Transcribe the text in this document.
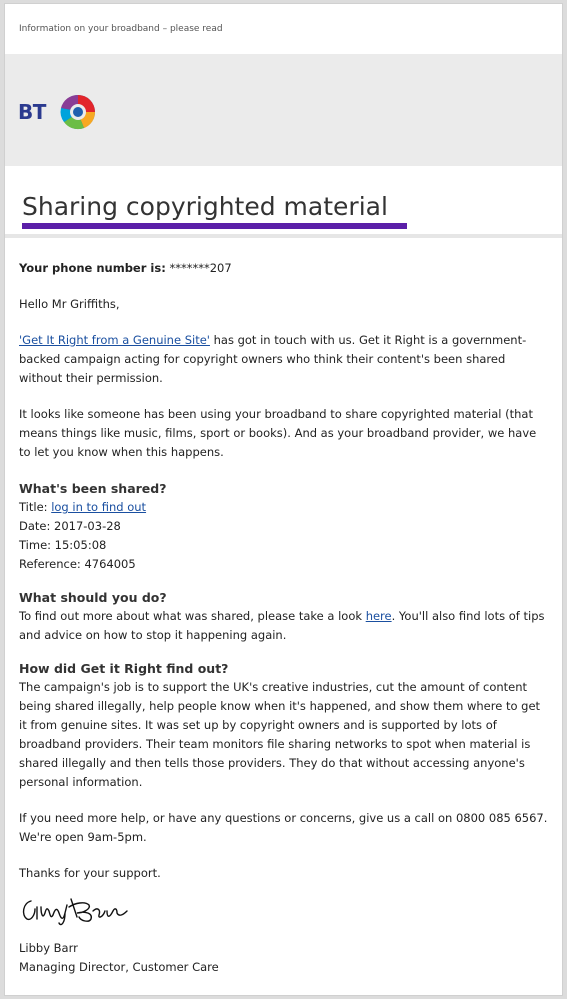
Information on your broadband – please read
BT
Sharing copyrighted material

Your phone number is: *******207

Hello Mr Griffiths,

'Get It Right from a Genuine Site' has got in touch with us. Get it Right is a government-backed campaign acting for copyright owners who think their content's been shared without their permission.

It looks like someone has been using your broadband to share copyrighted material (that means things like music, films, sport or books). And as your broadband provider, we have to let you know when this happens.

What's been shared?
Title: log in to find out
Date: 2017-03-28
Time: 15:05:08
Reference: 4764005
What should you do?
To find out more about what was shared, please take a look here. You'll also find lots of tips and advice on how to stop it happening again.
How did Get it Right find out?
The campaign's job is to support the UK's creative industries, cut the amount of content being shared illegally, help people know when it's happened, and show them where to get it from genuine sites. It was set up by copyright owners and is supported by lots of broadband providers. Their team monitors file sharing networks to spot when material is shared illegally and then tells those providers. They do that without accessing anyone's personal information.

If you need more help, or have any questions or concerns, give us a call on 0800 085 6567. We're open 9am-5pm.

Thanks for your support.

Libby Barr
Managing Director, Customer Care
